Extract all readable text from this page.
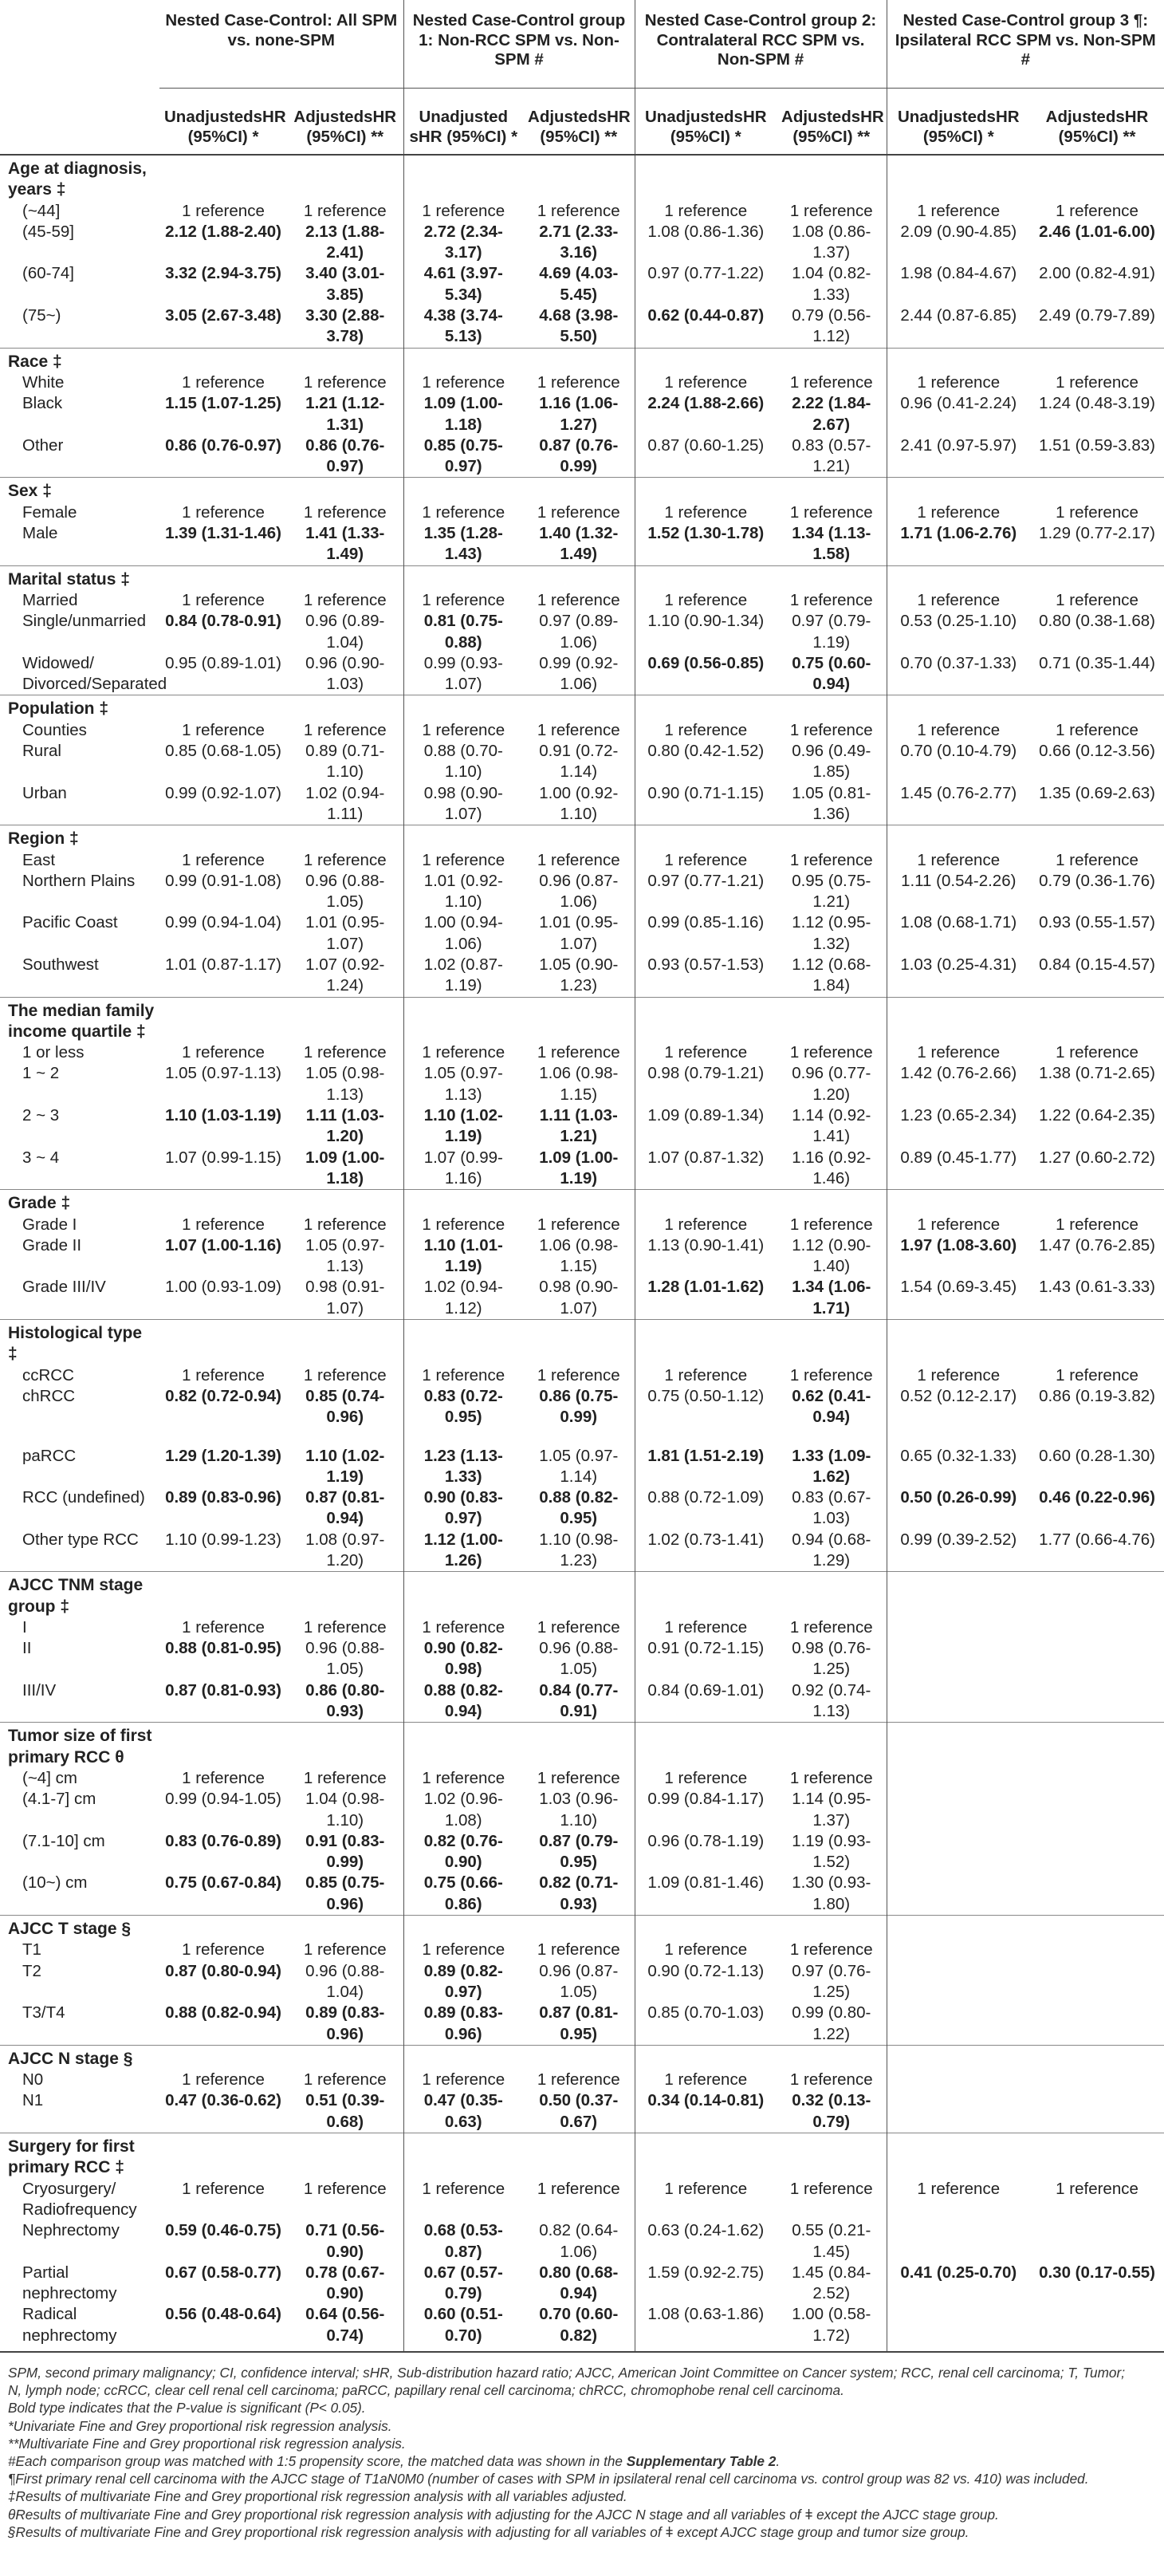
	Nested Case-Control: All SPM vs. none-SPM		Nested Case-Control group 1: Non-RCC SPM vs. Non-SPM #		Nested Case-Control group 2: Contralateral RCC SPM vs. Non-SPM #		Nested Case-Control group 3 ¶: Ipsilateral RCC SPM vs. Non-SPM #	
	UnadjustedsHR (95%CI) *	AdjustedsHR (95%CI) **	Unadjusted sHR (95%CI) *	AdjustedsHR (95%CI) **	UnadjustedsHR (95%CI) *	AdjustedsHR (95%CI) **	UnadjustedsHR (95%CI) *	AdjustedsHR (95%CI) **
Age at diagnosis, years ‡								
(~44]	1 reference	1 reference	1 reference	1 reference	1 reference	1 reference	1 reference	1 reference
(45-59]	2.12 (1.88-2.40)	2.13 (1.88-2.41)	2.72 (2.34-3.17)	2.71 (2.33-3.16)	1.08 (0.86-1.36)	1.08 (0.86-1.37)	2.09 (0.90-4.85)	2.46 (1.01-6.00)
(60-74]	3.32 (2.94-3.75)	3.40 (3.01-3.85)	4.61 (3.97-5.34)	4.69 (4.03-5.45)	0.97 (0.77-1.22)	1.04 (0.82-1.33)	1.98 (0.84-4.67)	2.00 (0.82-4.91)
(75~)	3.05 (2.67-3.48)	3.30 (2.88-3.78)	4.38 (3.74-5.13)	4.68 (3.98-5.50)	0.62 (0.44-0.87)	0.79 (0.56-1.12)	2.44 (0.87-6.85)	2.49 (0.79-7.89)
Race ‡								
White	1 reference	1 reference	1 reference	1 reference	1 reference	1 reference	1 reference	1 reference
Black	1.15 (1.07-1.25)	1.21 (1.12-1.31)	1.09 (1.00-1.18)	1.16 (1.06-1.27)	2.24 (1.88-2.66)	2.22 (1.84-2.67)	0.96 (0.41-2.24)	1.24 (0.48-3.19)
Other	0.86 (0.76-0.97)	0.86 (0.76-0.97)	0.85 (0.75-0.97)	0.87 (0.76-0.99)	0.87 (0.60-1.25)	0.83 (0.57-1.21)	2.41 (0.97-5.97)	1.51 (0.59-3.83)
Sex ‡								
Female	1 reference	1 reference	1 reference	1 reference	1 reference	1 reference	1 reference	1 reference
Male	1.39 (1.31-1.46)	1.41 (1.33-1.49)	1.35 (1.28-1.43)	1.40 (1.32-1.49)	1.52 (1.30-1.78)	1.34 (1.13-1.58)	1.71 (1.06-2.76)	1.29 (0.77-2.17)
Marital status ‡								
Married	1 reference	1 reference	1 reference	1 reference	1 reference	1 reference	1 reference	1 reference
Single/unmarried	0.84 (0.78-0.91)	0.96 (0.89-1.04)	0.81 (0.75-0.88)	0.97 (0.89-1.06)	1.10 (0.90-1.34)	0.97 (0.79-1.19)	0.53 (0.25-1.10)	0.80 (0.38-1.68)
Widowed/ Divorced/Separated	0.95 (0.89-1.01)	0.96 (0.90-1.03)	0.99 (0.93-1.07)	0.99 (0.92-1.06)	0.69 (0.56-0.85)	0.75 (0.60-0.94)	0.70 (0.37-1.33)	0.71 (0.35-1.44)
Population ‡								
Counties	1 reference	1 reference	1 reference	1 reference	1 reference	1 reference	1 reference	1 reference
Rural	0.85 (0.68-1.05)	0.89 (0.71-1.10)	0.88 (0.70-1.10)	0.91 (0.72-1.14)	0.80 (0.42-1.52)	0.96 (0.49-1.85)	0.70 (0.10-4.79)	0.66 (0.12-3.56)
Urban	0.99 (0.92-1.07)	1.02 (0.94-1.11)	0.98 (0.90-1.07)	1.00 (0.92-1.10)	0.90 (0.71-1.15)	1.05 (0.81-1.36)	1.45 (0.76-2.77)	1.35 (0.69-2.63)
Region ‡								
East	1 reference	1 reference	1 reference	1 reference	1 reference	1 reference	1 reference	1 reference
Northern Plains	0.99 (0.91-1.08)	0.96 (0.88-1.05)	1.01 (0.92-1.10)	0.96 (0.87-1.06)	0.97 (0.77-1.21)	0.95 (0.75-1.21)	1.11 (0.54-2.26)	0.79 (0.36-1.76)
Pacific Coast	0.99 (0.94-1.04)	1.01 (0.95-1.07)	1.00 (0.94-1.06)	1.01 (0.95-1.07)	0.99 (0.85-1.16)	1.12 (0.95-1.32)	1.08 (0.68-1.71)	0.93 (0.55-1.57)
Southwest	1.01 (0.87-1.17)	1.07 (0.92-1.24)	1.02 (0.87-1.19)	1.05 (0.90-1.23)	0.93 (0.57-1.53)	1.12 (0.68-1.84)	1.03 (0.25-4.31)	0.84 (0.15-4.57)
The median family income quartile ‡								
1 or less	1 reference	1 reference	1 reference	1 reference	1 reference	1 reference	1 reference	1 reference
1 ~ 2	1.05 (0.97-1.13)	1.05 (0.98-1.13)	1.05 (0.97-1.13)	1.06 (0.98-1.15)	0.98 (0.79-1.21)	0.96 (0.77-1.20)	1.42 (0.76-2.66)	1.38 (0.71-2.65)
2 ~ 3	1.10 (1.03-1.19)	1.11 (1.03-1.20)	1.10 (1.02-1.19)	1.11 (1.03-1.21)	1.09 (0.89-1.34)	1.14 (0.92-1.41)	1.23 (0.65-2.34)	1.22 (0.64-2.35)
3 ~ 4	1.07 (0.99-1.15)	1.09 (1.00-1.18)	1.07 (0.99-1.16)	1.09 (1.00-1.19)	1.07 (0.87-1.32)	1.16 (0.92-1.46)	0.89 (0.45-1.77)	1.27 (0.60-2.72)
Grade ‡								
Grade I	1 reference	1 reference	1 reference	1 reference	1 reference	1 reference	1 reference	1 reference
Grade II	1.07 (1.00-1.16)	1.05 (0.97-1.13)	1.10 (1.01-1.19)	1.06 (0.98-1.15)	1.13 (0.90-1.41)	1.12 (0.90-1.40)	1.97 (1.08-3.60)	1.47 (0.76-2.85)
Grade III/IV	1.00 (0.93-1.09)	0.98 (0.91-1.07)	1.02 (0.94-1.12)	0.98 (0.90-1.07)	1.28 (1.01-1.62)	1.34 (1.06-1.71)	1.54 (0.69-3.45)	1.43 (0.61-3.33)
Histological type ‡								
ccRCC	1 reference	1 reference	1 reference	1 reference	1 reference	1 reference	1 reference	1 reference
chRCC	0.82 (0.72-0.94)	0.85 (0.74-0.96)	0.83 (0.72-0.95)	0.86 (0.75-0.99)	0.75 (0.50-1.12)	0.62 (0.41-0.94)	0.52 (0.12-2.17)	0.86 (0.19-3.82)
paRCC	1.29 (1.20-1.39)	1.10 (1.02-1.19)	1.23 (1.13-1.33)	1.05 (0.97-1.14)	1.81 (1.51-2.19)	1.33 (1.09-1.62)	0.65 (0.32-1.33)	0.60 (0.28-1.30)
RCC (undefined)	0.89 (0.83-0.96)	0.87 (0.81-0.94)	0.90 (0.83-0.97)	0.88 (0.82-0.95)	0.88 (0.72-1.09)	0.83 (0.67-1.03)	0.50 (0.26-0.99)	0.46 (0.22-0.96)
Other type RCC	1.10 (0.99-1.23)	1.08 (0.97-1.20)	1.12 (1.00-1.26)	1.10 (0.98-1.23)	1.02 (0.73-1.41)	0.94 (0.68-1.29)	0.99 (0.39-2.52)	1.77 (0.66-4.76)
AJCC TNM stage group ‡								
I	1 reference	1 reference	1 reference	1 reference	1 reference	1 reference		
II	0.88 (0.81-0.95)	0.96 (0.88-1.05)	0.90 (0.82-0.98)	0.96 (0.88-1.05)	0.91 (0.72-1.15)	0.98 (0.76-1.25)		
III/IV	0.87 (0.81-0.93)	0.86 (0.80-0.93)	0.88 (0.82-0.94)	0.84 (0.77-0.91)	0.84 (0.69-1.01)	0.92 (0.74-1.13)		
Tumor size of first primary RCC θ								
(~4] cm	1 reference	1 reference	1 reference	1 reference	1 reference	1 reference		
(4.1-7] cm	0.99 (0.94-1.05)	1.04 (0.98-1.10)	1.02 (0.96-1.08)	1.03 (0.96-1.10)	0.99 (0.84-1.17)	1.14 (0.95-1.37)		
(7.1-10] cm	0.83 (0.76-0.89)	0.91 (0.83-0.99)	0.82 (0.76-0.90)	0.87 (0.79-0.95)	0.96 (0.78-1.19)	1.19 (0.93-1.52)		
(10~) cm	0.75 (0.67-0.84)	0.85 (0.75-0.96)	0.75 (0.66-0.86)	0.82 (0.71-0.93)	1.09 (0.81-1.46)	1.30 (0.93-1.80)		
AJCC T stage §								
T1	1 reference	1 reference	1 reference	1 reference	1 reference	1 reference		
T2	0.87 (0.80-0.94)	0.96 (0.88-1.04)	0.89 (0.82-0.97)	0.96 (0.87-1.05)	0.90 (0.72-1.13)	0.97 (0.76-1.25)		
T3/T4	0.88 (0.82-0.94)	0.89 (0.83-0.96)	0.89 (0.83-0.96)	0.87 (0.81-0.95)	0.85 (0.70-1.03)	0.99 (0.80-1.22)		
AJCC N stage §								
N0	1 reference	1 reference	1 reference	1 reference	1 reference	1 reference		
N1	0.47 (0.36-0.62)	0.51 (0.39-0.68)	0.47 (0.35-0.63)	0.50 (0.37-0.67)	0.34 (0.14-0.81)	0.32 (0.13-0.79)		
Surgery for first primary RCC ‡								
Cryosurgery/ Radiofrequency	1 reference	1 reference	1 reference	1 reference	1 reference	1 reference	1 reference	1 reference
Nephrectomy	0.59 (0.46-0.75)	0.71 (0.56-0.90)	0.68 (0.53-0.87)	0.82 (0.64-1.06)	0.63 (0.24-1.62)	0.55 (0.21-1.45)		
Partial nephrectomy	0.67 (0.58-0.77)	0.78 (0.67-0.90)	0.67 (0.57-0.79)	0.80 (0.68-0.94)	1.59 (0.92-2.75)	1.45 (0.84-2.52)	0.41 (0.25-0.70)	0.30 (0.17-0.55)
Radical nephrectomy	0.56 (0.48-0.64)	0.64 (0.56-0.74)	0.60 (0.51-0.70)	0.70 (0.60-0.82)	1.08 (0.63-1.86)	1.00 (0.58-1.72)		
SPM, second primary malignancy; CI, confidence interval; sHR, Sub-distribution hazard ratio; AJCC, American Joint Committee on Cancer system; RCC, renal cell carcinoma; T, Tumor;
N, lymph node; ccRCC, clear cell renal cell carcinoma; paRCC, papillary renal cell carcinoma; chRCC, chromophobe renal cell carcinoma.
Bold type indicates that the P-value is significant (P< 0.05).
*Univariate Fine and Grey proportional risk regression analysis.
**Multivariate Fine and Grey proportional risk regression analysis.
#Each comparison group was matched with 1:5 propensity score, the matched data was shown in the Supplementary Table 2.
¶First primary renal cell carcinoma with the AJCC stage of T1aN0M0 (number of cases with SPM in ipsilateral renal cell carcinoma vs. control group was 82 vs. 410) was included.
‡Results of multivariate Fine and Grey proportional risk regression analysis with all variables adjusted.
θResults of multivariate Fine and Grey proportional risk regression analysis with adjusting for the AJCC N stage and all variables of ǂ except the AJCC stage group.
§Results of multivariate Fine and Grey proportional risk regression analysis with adjusting for all variables of ǂ except AJCC stage group and tumor size group.
